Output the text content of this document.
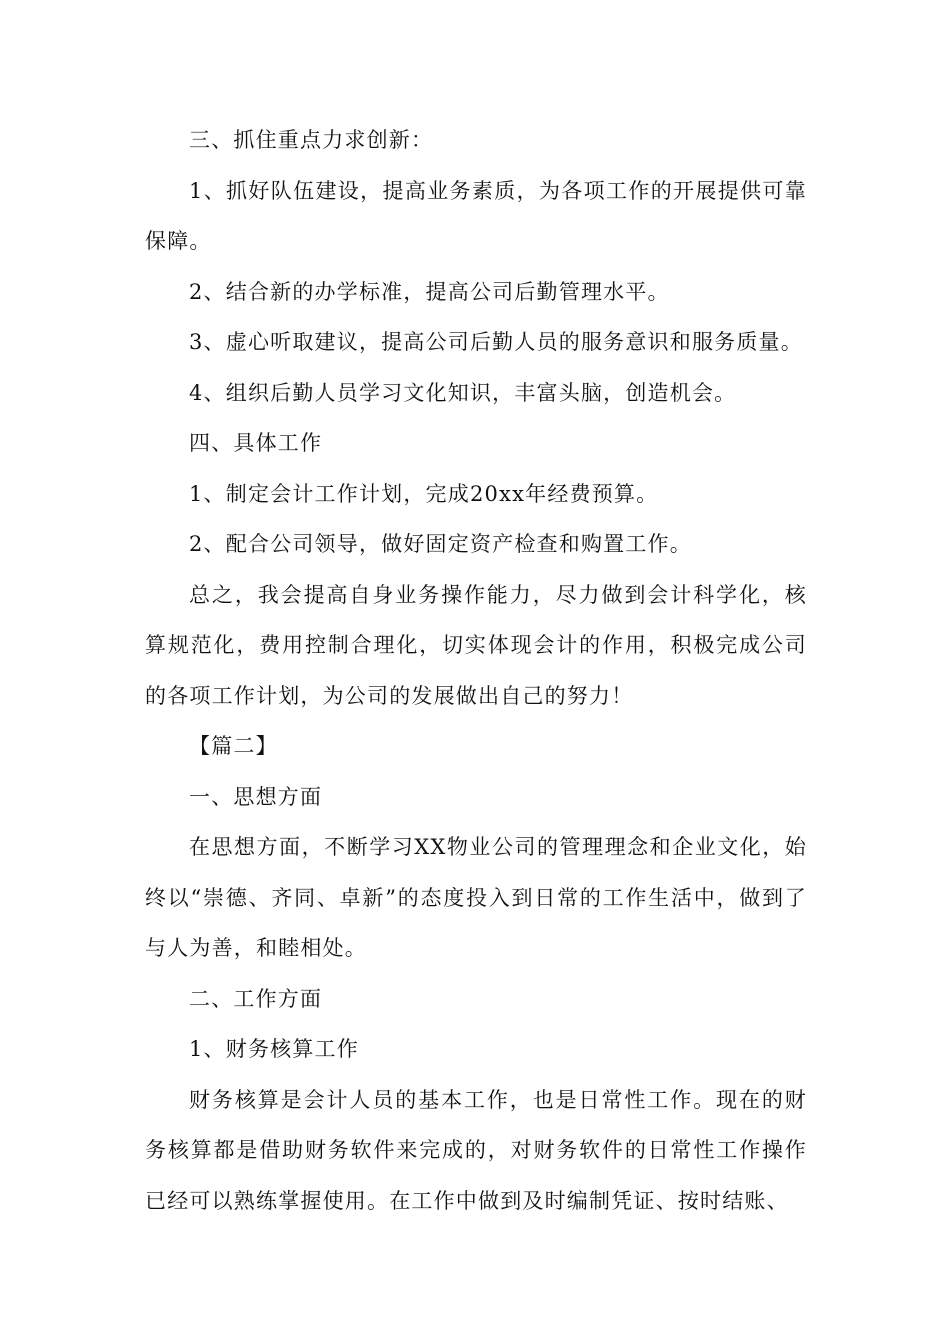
三、抓住重点力求创新：

1、抓好队伍建设，提高业务素质，为各项工作的开展提供可靠保障。

2、结合新的办学标准，提高公司后勤管理水平。

3、虚心听取建议，提高公司后勤人员的服务意识和服务质量。

4、组织后勤人员学习文化知识，丰富头脑，创造机会。

四、具体工作

1、制定会计工作计划，完成20xx年经费预算。

2、配合公司领导，做好固定资产检查和购置工作。

总之，我会提高自身业务操作能力，尽力做到会计科学化，核算规范化，费用控制合理化，切实体现会计的作用，积极完成公司的各项工作计划，为公司的发展做出自己的努力！

【篇二】

一、思想方面

在思想方面，不断学习XX物业公司的管理理念和企业文化，始终以“崇德、齐同、卓新”的态度投入到日常的工作生活中，做到了与人为善，和睦相处。

二、工作方面

1、财务核算工作

财务核算是会计人员的基本工作，也是日常性工作。现在的财务核算都是借助财务软件来完成的，对财务软件的日常性工作操作已经可以熟练掌握使用。在工作中做到及时编制凭证、按时结账、
